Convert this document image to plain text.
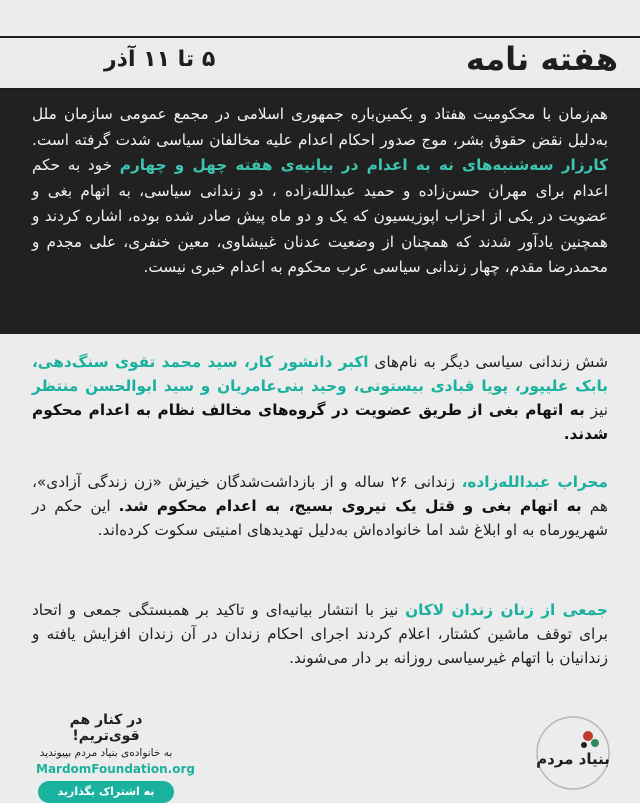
هفته نامه
۵ تا ۱۱ آذر

هم‌زمان با محکومیت هفتاد و یکمین‌باره جمهوری اسلامی در مجمع عمومی سازمان ملل به‌دلیل نقض حقوق بشر، موج صدور احکام اعدام علیه مخالفان سیاسی شدت گرفته است. کارزار سه‌شنبه‌های نه به اعدام در بیانیه‌ی هفته چهل و چهارم خود به حکم اعدام برای مهران حسن‌زاده و حمید عبدالله‌زاده ، دو زندانی سیاسی، به اتهام بغی و عضویت در یکی از احزاب اپوزیسیون که یک و دو ماه پیش صادر شده بوده، اشاره کردند و همچنین یادآور شدند که همچنان از وضعیت عدنان غبیشاوی، معین خنفری، علی مجدم و محمدرضا مقدم، چهار زندانی سیاسی عرب محکوم به اعدام خبری نیست.

شش زندانی سیاسی دیگر به نام‌های اکبر دانشور کار، سید محمد تقوی سنگ‌دهی، بابک علیپور، پویا قبادی بیستونی، وحید بنی‌عامریان و سید ابوالحسن منتظر نیز به اتهام بغی از طریق عضویت در گروه‌های مخالف نظام به اعدام محکوم شدند.

محراب عبدالله‌زاده، زندانی ۲۶ ساله و از بازداشت‌شدگان خیزش «زن زندگی آزادی»، هم به اتهام بغی و قتل یک نیروی بسیج، به اعدام محکوم شد. این حکم در شهریورماه به او ابلاغ شد اما خانواده‌اش به‌دلیل تهدیدهای امنیتی سکوت کرده‌اند.

جمعی از زنان زندان لاکان نیز با انتشار بیانیه‌ای و تاکید بر همبستگی جمعی و اتحاد برای توقف ماشین کشتار، اعلام کردند اجرای احکام زندان در آن زندان افزایش یافته و زندانیان با اتهام غیرسیاسی روزانه بر دار می‌شوند.

در کنار هم قوی‌تریم!
به خانواده‌ی بنیاد مردم بپیوندید
MardomFoundation.org
به اشتراک بگذارید
بنیاد مردم
